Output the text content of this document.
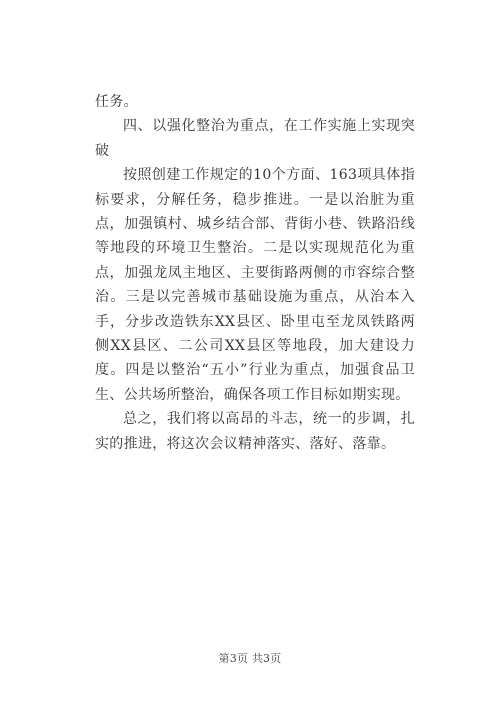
任务。

四、以强化整治为重点，在工作实施上实现突破

按照创建工作规定的10个方面、163项具体指标要求，分解任务，稳步推进。一是以治脏为重点，加强镇村、城乡结合部、背街小巷、铁路沿线等地段的环境卫生整治。二是以实现规范化为重点，加强龙凤主地区、主要街路两侧的市容综合整治。三是以完善城市基础设施为重点，从治本入手，分步改造铁东XX县区、卧里屯至龙凤铁路两侧XX县区、二公司XX县区等地段，加大建设力度。四是以整治“五小”行业为重点，加强食品卫生、公共场所整治，确保各项工作目标如期实现。

总之，我们将以高昂的斗志，统一的步调，扎实的推进，将这次会议精神落实、落好、落靠。

第3页 共3页
